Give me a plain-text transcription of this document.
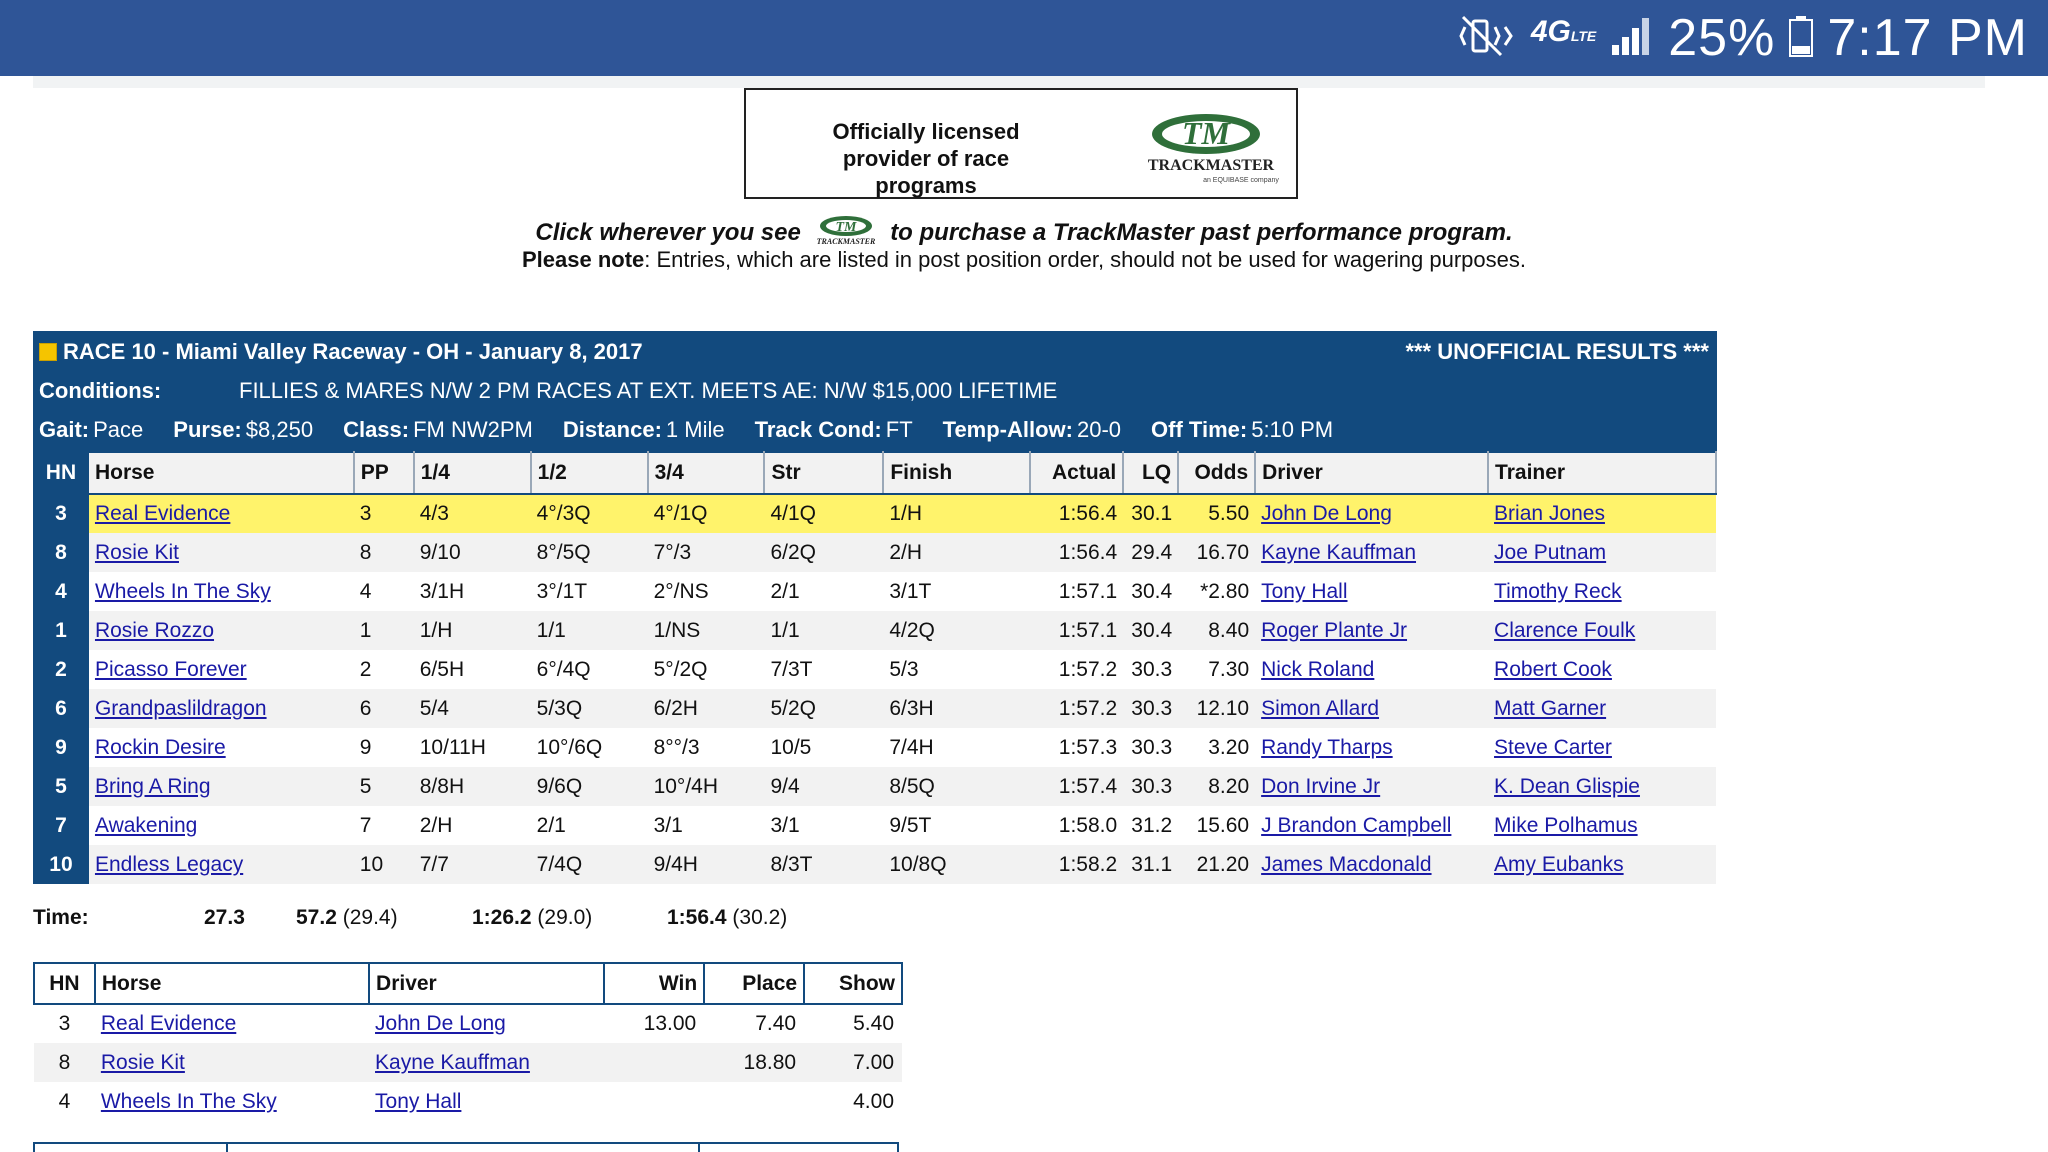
4GLTE 25% 7:17 PM
Officially licensed
provider of race programs
TM
TRACKMASTER
an EQUIBASE company
Click wherever you see TM
TRACKMASTER to purchase a TrackMaster past performance program.
Please note: Entries, which are listed in post position order, should not be used for wagering purposes.
RACE 10 - Miami Valley Raceway - OH - January 8, 2017	*** UNOFFICIAL RESULTS ***
Conditions:	FILLIES & MARES N/W 2 PM RACES AT EXT. MEETS AE: N/W $15,000 LIFETIME
Gait: Pace Purse: $8,250 Class: FM NW2PM Distance: 1 Mile Track Cond: FT Temp-Allow: 20-0 Off Time: 5:10 PM
HN	Horse	PP	1/4	1/2	3/4	Str	Finish	Actual	LQ	Odds	Driver	Trainer
3	Real Evidence	3	4/3	4°/3Q	4°/1Q	4/1Q	1/H	1:56.4	30.1	5.50	John De Long	Brian Jones
8	Rosie Kit	8	9/10	8°/5Q	7°/3	6/2Q	2/H	1:56.4	29.4	16.70	Kayne Kauffman	Joe Putnam
4	Wheels In The Sky	4	3/1H	3°/1T	2°/NS	2/1	3/1T	1:57.1	30.4	*2.80	Tony Hall	Timothy Reck
1	Rosie Rozzo	1	1/H	1/1	1/NS	1/1	4/2Q	1:57.1	30.4	8.40	Roger Plante Jr	Clarence Foulk
2	Picasso Forever	2	6/5H	6°/4Q	5°/2Q	7/3T	5/3	1:57.2	30.3	7.30	Nick Roland	Robert Cook
6	Grandpaslildragon	6	5/4	5/3Q	6/2H	5/2Q	6/3H	1:57.2	30.3	12.10	Simon Allard	Matt Garner
9	Rockin Desire	9	10/11H	10°/6Q	8°°/3	10/5	7/4H	1:57.3	30.3	3.20	Randy Tharps	Steve Carter
5	Bring A Ring	5	8/8H	9/6Q	10°/4H	9/4	8/5Q	1:57.4	30.3	8.20	Don Irvine Jr	K. Dean Glispie
7	Awakening	7	2/H	2/1	3/1	3/1	9/5T	1:58.0	31.2	15.60	J Brandon Campbell	Mike Polhamus
10	Endless Legacy	10	7/7	7/4Q	9/4H	8/3T	10/8Q	1:58.2	31.1	21.20	James Macdonald	Amy Eubanks
Time:	27.3 57.2 (29.4)	1:26.2 (29.0)	1:56.4 (30.2)
HN	Horse	Driver	Win	Place	Show
3	Real Evidence	John De Long	13.00	7.40	5.40
8	Rosie Kit	Kayne Kauffman		18.80	7.00
4	Wheels In The Sky	Tony Hall			4.00
